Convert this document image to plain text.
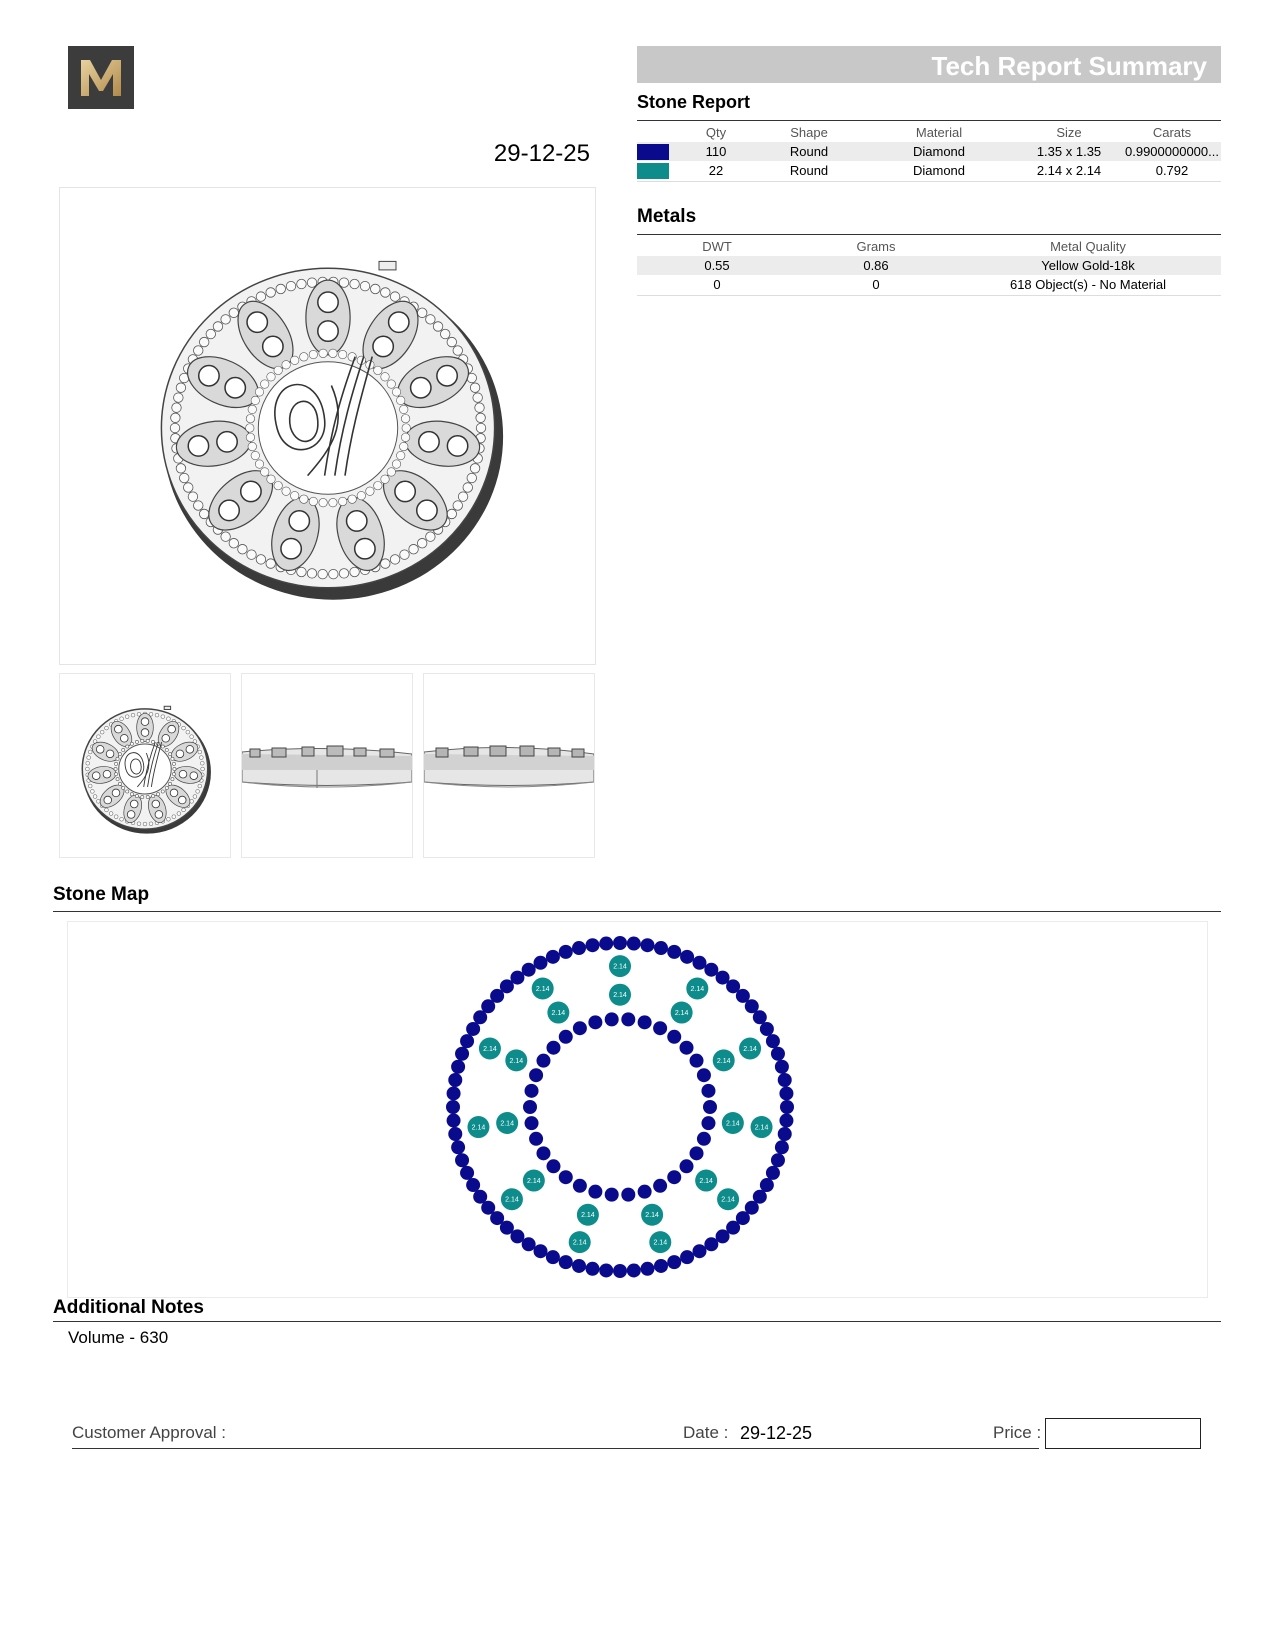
29-12-25
Tech Report Summary
Stone Report
	Qty	Shape	Material	Size	Carats
	110	Round	Diamond	1.35 x 1.35	0.9900000000...
	22	Round	Diamond	2.14 x 2.14	0.792
Metals
DWT	Grams	Metal Quality
0.55	0.86	Yellow Gold-18k
0	0	618 Object(s) - No Material
Stone Map
2.14
2.14
2.14
2.14
2.14
2.14
2.14
2.14
2.14
2.14
2.14
2.14
2.14
2.14
2.14
2.14
2.14
2.14
2.14
2.14
2.14
2.14
Additional Notes
Volume - 630
Customer Approval :	Date : 29-12-25	Price :
